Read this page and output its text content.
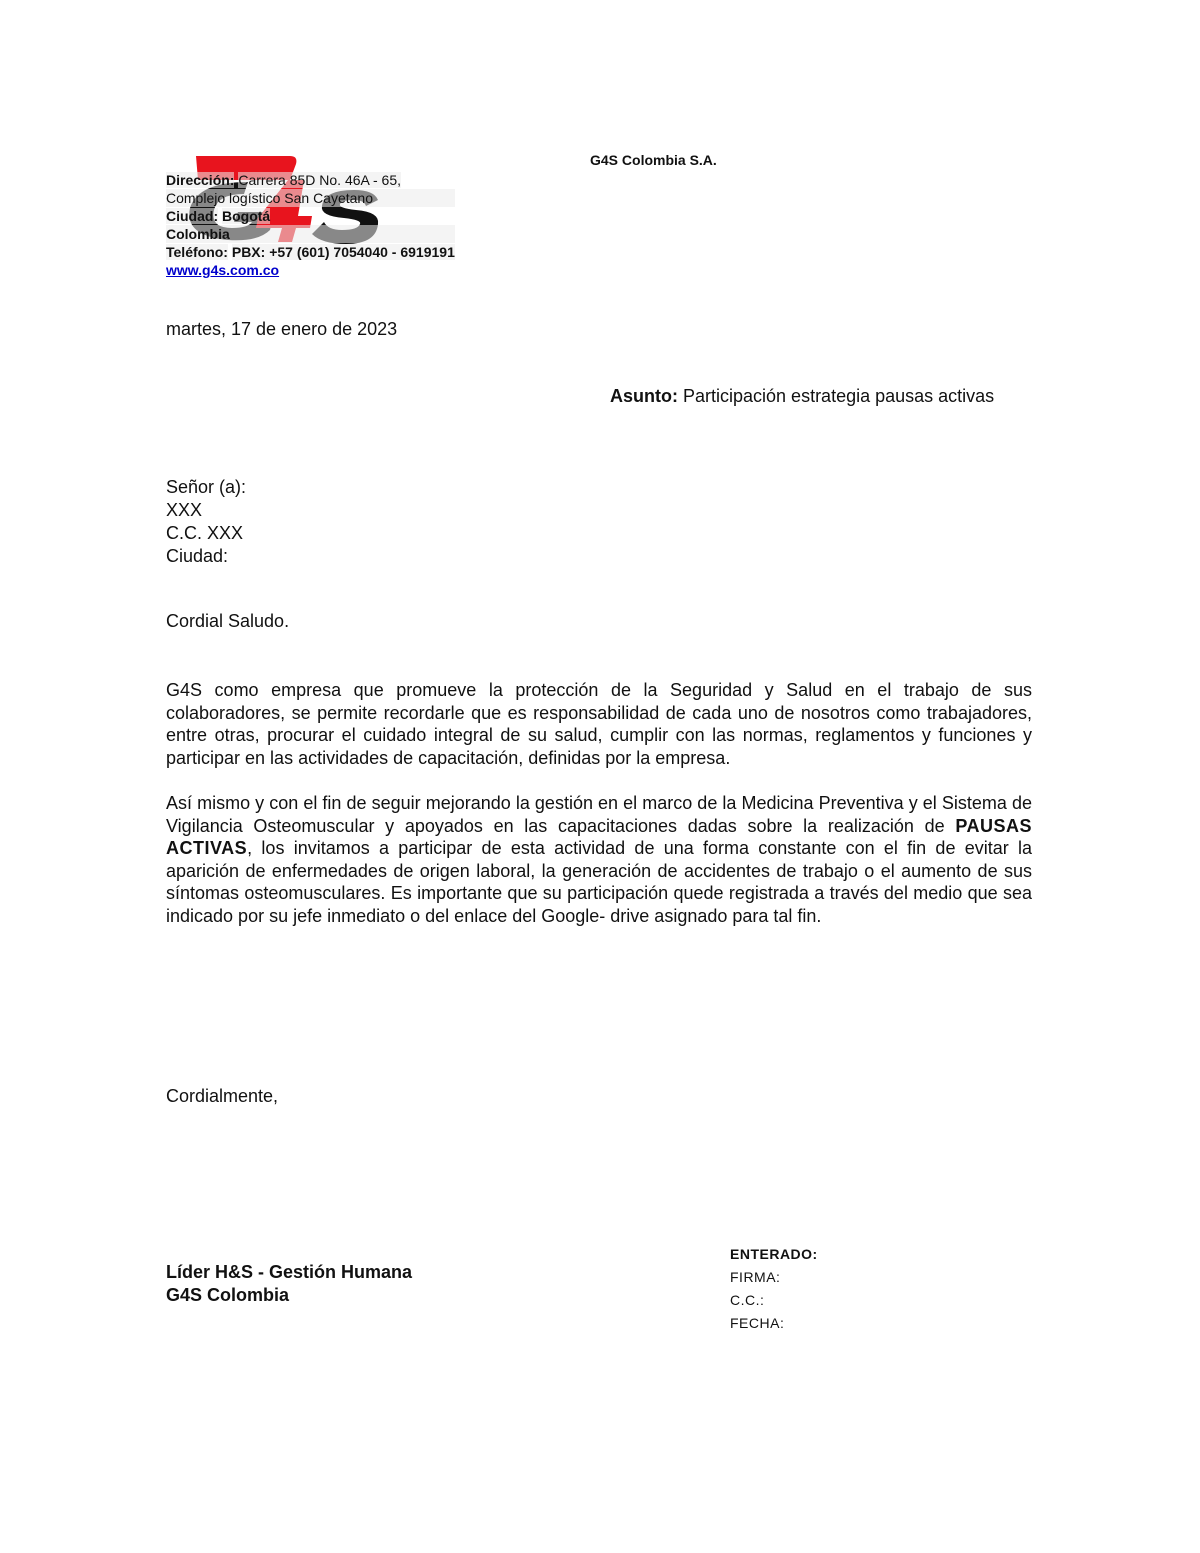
G4S Colombia S.A.
Dirección: Carrera 85D No. 46A - 65,
Complejo logístico San Cayetano
Ciudad: Bogotá
Colombia
Teléfono: PBX: +57 (601) 7054040 - 6919191
www.g4s.com.co
martes, 17 de enero de 2023
Asunto: Participación estrategia pausas activas
Señor (a):
XXX
C.C. XXX
Ciudad:
Cordial Saludo.
G4S como empresa que promueve la protección de la Seguridad y Salud en el trabajo de sus colaboradores, se permite recordarle que es responsabilidad de cada uno de nosotros como trabajadores, entre otras, procurar el cuidado integral de su salud, cumplir con las normas, reglamentos y funciones y participar en las actividades de capacitación, definidas por la empresa.
Así mismo y con el fin de seguir mejorando la gestión en el marco de la Medicina Preventiva y el Sistema de Vigilancia Osteomuscular y apoyados en las capacitaciones dadas sobre la realización de PAUSAS ACTIVAS, los invitamos a participar de esta actividad de una forma constante con el fin de evitar la aparición de enfermedades de origen laboral, la generación de accidentes de trabajo o el aumento de sus síntomas osteomusculares. Es importante que su participación quede registrada a través del medio que sea indicado por su jefe inmediato o del enlace del Google- drive asignado para tal fin.
Cordialmente,
Líder H&S - Gestión Humana
G4S Colombia
ENTERADO:
FIRMA:
C.C.:
FECHA:
